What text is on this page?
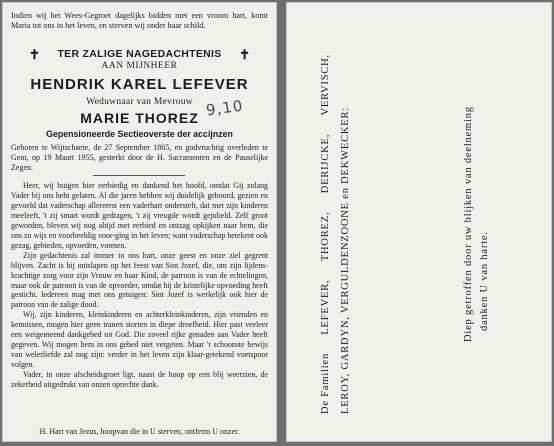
Indien wij het Wees-Gegroet dagelijks bidden met een vroom hart, komt Maria tot ons in het leven, en sterven wij onder haar schild.
✝	✝
TER ZALIGE NAGEDACHTENIS
AAN MIJNHEER
HENDRIK KAREL LEFEVER
Weduwnaar van Mevrouw
MARIE THOREZ
Gepensioneerde Sectieoverste der accijnzen
Geboren te Wijtschaete, de 27 September 1865, en godvruchtig overleden te Gent, op 19 Maart 1955, gesterkt door de H. Sacramenten en de Pauselijke Zegen.

Heer, wij buigen hier eerbiedig en dankend het hoofd, omdat Gij zolang Vader bij ons hebt gelaten. Al die jaren hebben wij duidelijk gehoord, gezien en gevoeld dat vaderschap allereerst een vaderhart onderstelt, dat met zijn kinderen meeleeft, 't zij smart wordt gedragen, 't zij vreugde wordt gejubeld. Zelf groot geworden, bleven wij nog altijd met eerbied en ontzag opkijken naar hem, die ons zo wijs en voorbeeldig voor-ging in het leven; want vaderschap betekent ook gezag, gebieden, opvoeden, vormen.

Zijn gedachtenis zal immer in ons hart, onze geest en onze ziel gegrent blijven. Zacht is hij ontslapen op het feest van Sint Jozef, die, om zijn lijdens-krachtige zorg voor zijn Vrouw en haar Kind, de patroon is van de echtelingen, maar ook de patroon is van de opvoeder, omdat hij de kristelijke opvoeding heeft gesticht. Iedereen mag met ons getuigen: Sint Jozef is werkelijk ook hier de patroon van de zalige dood.

Wij, zijn kinderen, kleinkinderen en achterkleinkinderen, zijn vrienden en kennissen, mogen hier geen tranen storten in diepe droefheid. Hier past veeleer een weigemeend dankgebed tot God. Die zoveel rijke genaden aan Vader heeft gegeven. Wij mogen hem in ons gebed niet vergeten. Maar 't schoonste bewijs van welerliefde zal nog zijn: verder in het leven zijn klaar-getekend voetspoor volgen.

Vader, in onze afscheidsgroet ligt, naast de hoop op een blij weerzien, de zekerheid uitgedrukt van onzen oprechte dank.

H. Hart van Jezus, hoopvan die in U sterven, ontferm U onzer.
9,10
De Familien
LEFEVER,
THOREZ,
DERIJCKE,
VERVISCH,
LEROY, GARDYN, VERGULDENZOONE en DEKWECKER:	Diep getroffen door uw blijken van deelneming danken U van harte.
